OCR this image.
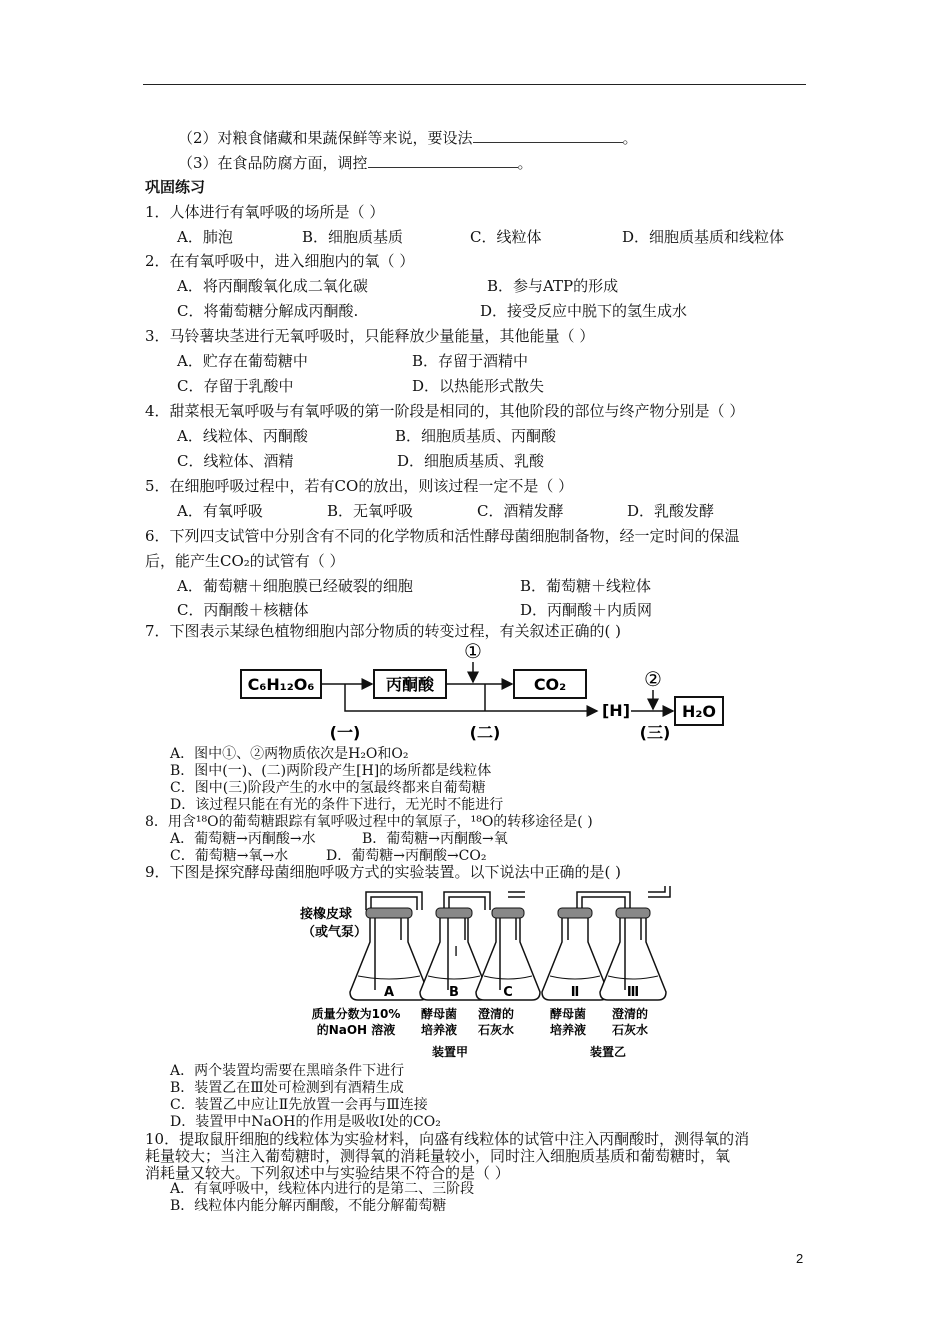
（2）对粮食储藏和果蔬保鲜等来说，要设法	。
（3）在食品防腐方面，调控	。
巩固练习
1．人体进行有氧呼吸的场所是（ ）
A．肺泡	B．细胞质基质	C．线粒体	D．细胞质基质和线粒体
2．在有氧呼吸中，进入细胞内的氧（ ）
A．将丙酮酸氧化成二氧化碳	B．参与ATP的形成
C．将葡萄糖分解成丙酮酸.	D．接受反应中脱下的氢生成水
3．马铃薯块茎进行无氧呼吸时，只能释放少量能量，其他能量（ ）
A．贮存在葡萄糖中	B．存留于酒精中
C．存留于乳酸中	D．以热能形式散失
4．甜菜根无氧呼吸与有氧呼吸的第一阶段是相同的，其他阶段的部位与终产物分别是（ ）
A．线粒体、丙酮酸	B．细胞质基质、丙酮酸
C．线粒体、酒精	D．细胞质基质、乳酸
5．在细胞呼吸过程中，若有CO的放出，则该过程一定不是（ ）
A．有氧呼吸	B．无氧呼吸	C．酒精发酵	D．乳酸发酵
6．下列四支试管中分别含有不同的化学物质和活性酵母菌细胞制备物，经一定时间的保温
后，能产生CO₂的试管有（ ）
A．葡萄糖＋细胞膜已经破裂的细胞	B．葡萄糖＋线粒体
C．丙酮酸＋核糖体	D．丙酮酸＋内质网
7．下图表示某绿色植物细胞内部分物质的转变过程，有关叙述正确的( )
C₆H₁₂O₆	丙酮酸	CO₂
H₂O
①
②
[H]
(一)	(二)	(三)
A．图中①、②两物质依次是H₂O和O₂
B．图中(一)、(二)两阶段产生[H]的场所都是线粒体
C．图中(三)阶段产生的水中的氢最终都来自葡萄糖
D．该过程只能在有光的条件下进行，无光时不能进行
8．用含¹⁸O的葡萄糖跟踪有氧呼吸过程中的氧原子，¹⁸O的转移途径是( )
A．葡萄糖→丙酮酸→水	B．葡萄糖→丙酮酸→氧
C．葡萄糖→氧→水	D．葡萄糖→丙酮酸→CO₂
9．下图是探究酵母菌细胞呼吸方式的实验装置。以下说法中正确的是( )
接橡皮球
（或气泵）
A	B	C
Ⅰ
Ⅱ	Ⅲ
质量分数为10%
的NaOH 溶液
酵母菌
培养液
澄清的
石灰水
酵母菌
培养液
澄清的
石灰水
装置甲	装置乙
A．两个装置均需要在黑暗条件下进行
B．装置乙在Ⅲ处可检测到有酒精生成
C．装置乙中应让Ⅱ先放置一会再与Ⅲ连接
D．装置甲中NaOH的作用是吸收Ⅰ处的CO₂
10．提取鼠肝细胞的线粒体为实验材料，向盛有线粒体的试管中注入丙酮酸时，测得氧的消
耗量较大；当注入葡萄糖时，测得氧的消耗量较小，同时注入细胞质基质和葡萄糖时，氧
消耗量又较大。下列叙述中与实验结果不符合的是（ ）
A．有氧呼吸中，线粒体内进行的是第二、三阶段
B．线粒体内能分解丙酮酸，不能分解葡萄糖
2
